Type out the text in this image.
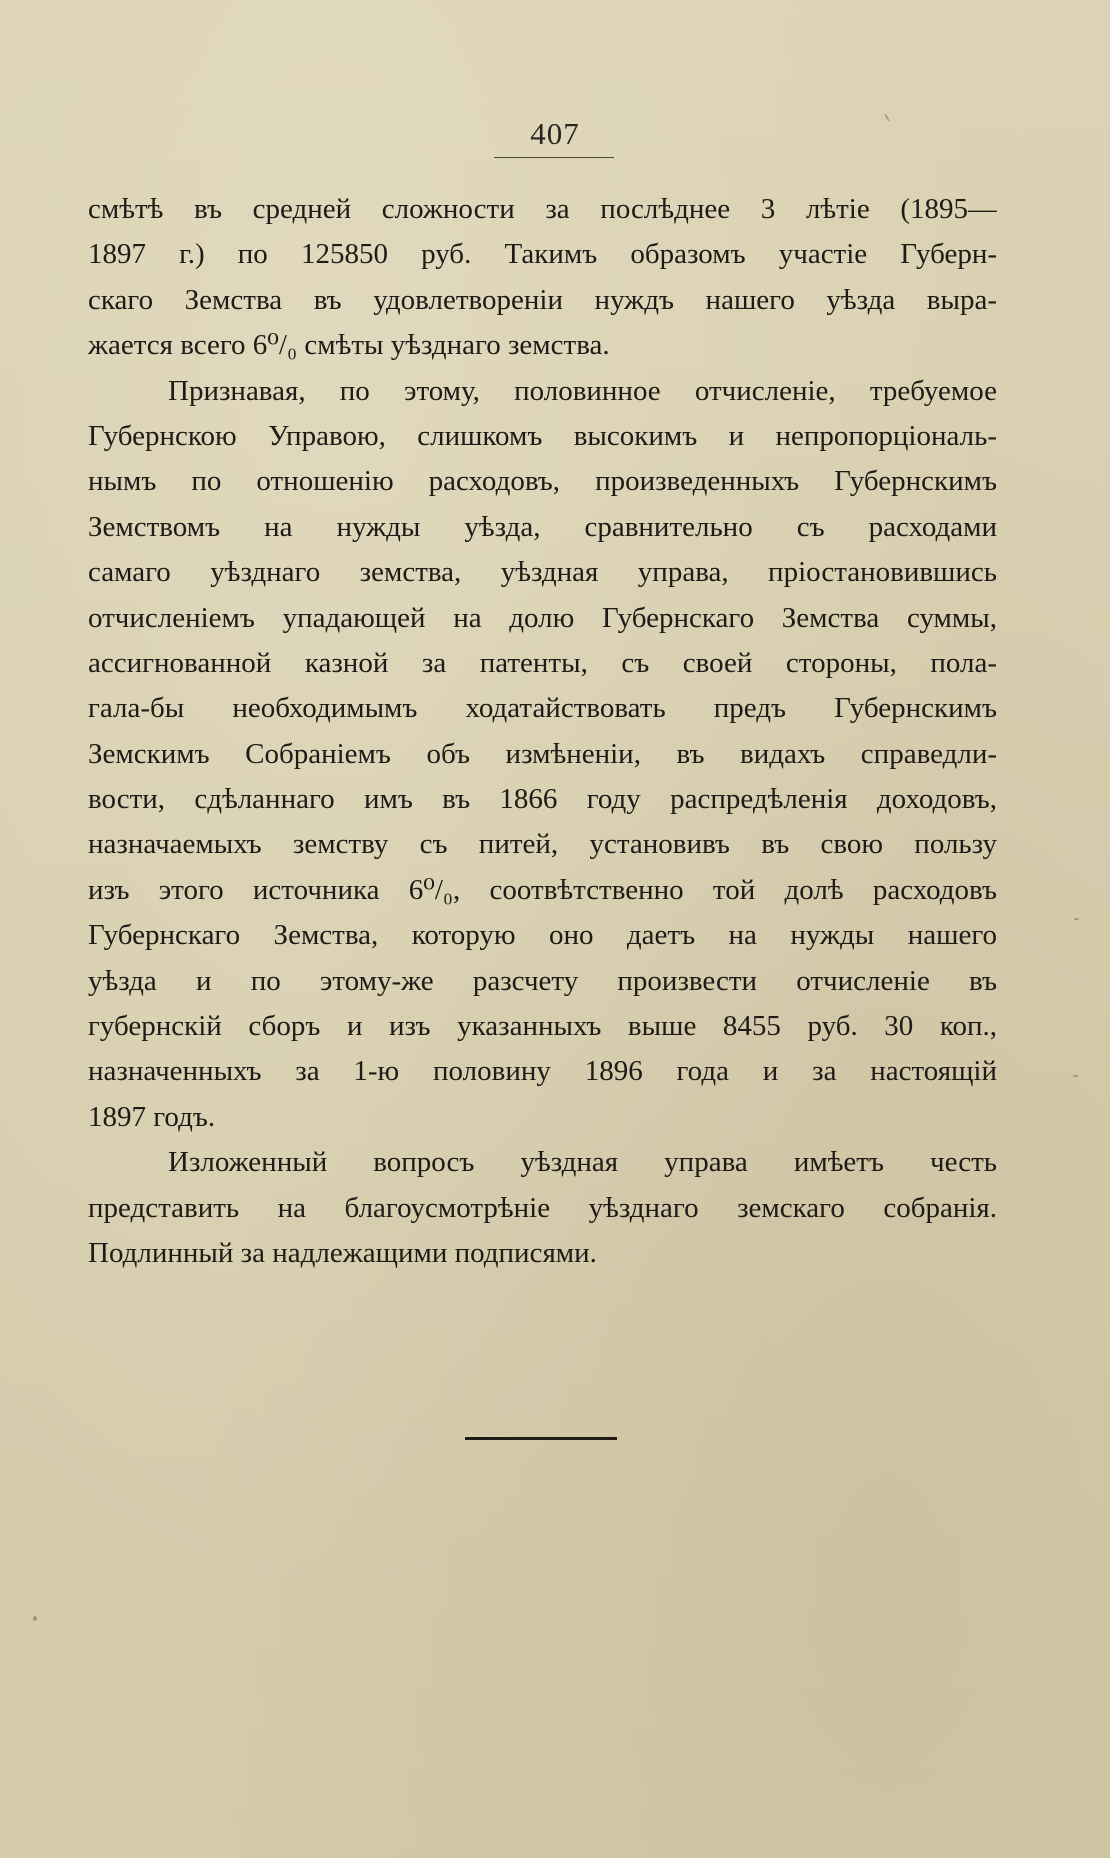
407
смѣтѣ въ средней сложности за послѣднее 3 лѣтіе (1895—
1897 г.) по 125850 руб. Такимъ образомъ участіе Губерн-
скаго Земства въ удовлетвореніи нуждъ нашего уѣзда выра-
жается всего 6⁰/₀ смѣты уѣзднаго земства.
Признавая, по этому, половинное отчисленіе, требуемое
Губернскою Управою, слишкомъ высокимъ и непропорціональ-
нымъ по отношенію расходовъ, произведенныхъ Губернскимъ
Земствомъ на нужды уѣзда, сравнительно съ расходами
самаго уѣзднаго земства, уѣздная управа, пріостановившись
отчисленіемъ упадающей на долю Губернскаго Земства суммы,
ассигнованной казной за патенты, съ своей стороны, пола-
гала-бы необходимымъ ходатайствовать предъ Губернскимъ
Земскимъ Собраніемъ объ измѣненіи, въ видахъ справедли-
вости, сдѣланнаго имъ въ 1866 году распредѣленія доходовъ,
назначаемыхъ земству съ питей, установивъ въ свою пользу
изъ этого источника 6⁰/₀, соотвѣтственно той долѣ расходовъ
Губернскаго Земства, которую оно даетъ на нужды нашего
уѣзда и по этому-же разсчету произвести отчисленіе въ
губернскій сборъ и изъ указанныхъ выше 8455 руб. 30 коп.,
назначенныхъ за 1-ю половину 1896 года и за настоящій
1897 годъ.
Изложенный вопросъ уѣздная управа имѣетъ честь
представить на благоусмотрѣніе уѣзднаго земскаго собранія.
Подлинный за надлежащими подписями.
